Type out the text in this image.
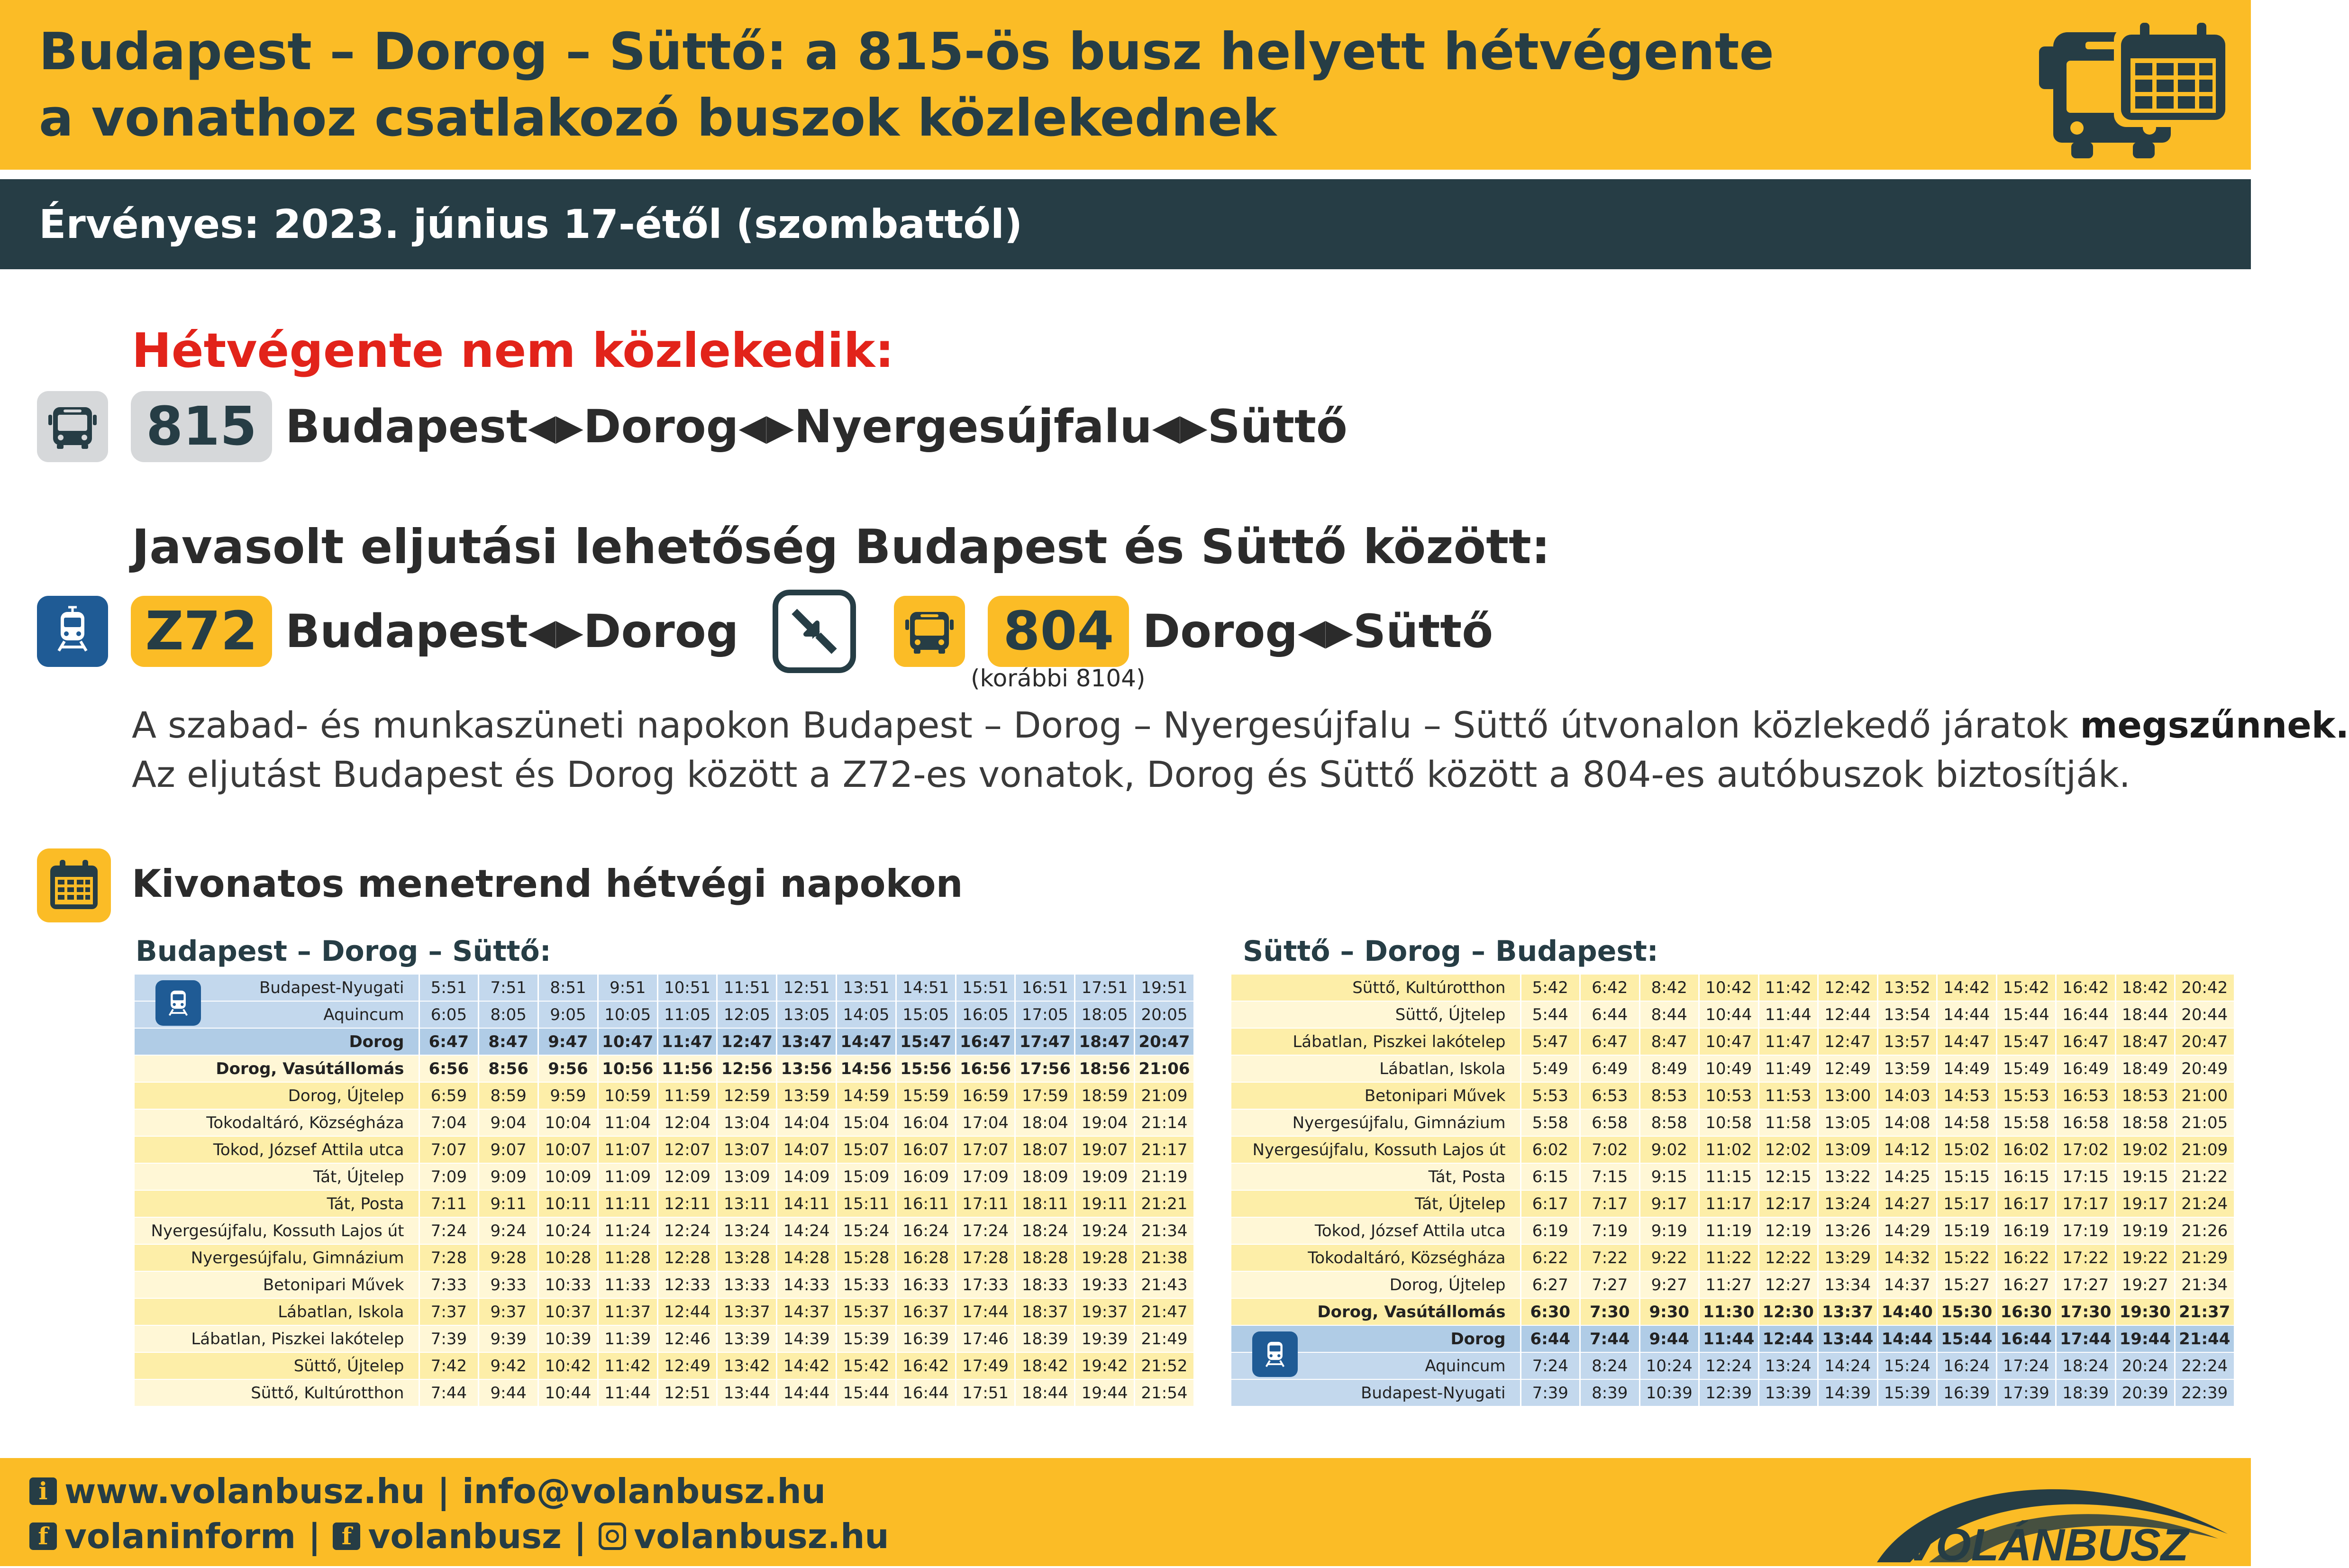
Budapest – Dorog – Süttő: a 815-ös busz helyett hétvégente
a vonathoz csatlakozó buszok közlekednek
Érvényes: 2023. június 17-étől (szombattól)
Hétvégente nem közlekedik:
815 Budapest ◀▶ Dorog ◀▶ Nyergesújfalu ◀▶ Süttő
Javasolt eljutási lehetőség Budapest és Süttő között:
Z72 Budapest ◀▶ Dorog	804 Dorog ◀▶ Süttő
(korábbi 8104)
A szabad- és munkaszüneti napokon Budapest – Dorog – Nyergesújfalu – Süttő útvonalon közlekedő járatok megszűnnek.
Az eljutást Budapest és Dorog között a Z72-es vonatok, Dorog és Süttő között a 804-es autóbuszok biztosítják.
Kivonatos menetrend hétvégi napokon
Budapest – Dorog – Süttő:
Budapest-Nyugati	5:51	7:51	8:51	9:51	10:51	11:51	12:51	13:51	14:51	15:51	16:51	17:51	19:51

Aquincum	6:05	8:05	9:05	10:05	11:05	12:05	13:05	14:05	15:05	16:05	17:05	18:05	20:05
Dorog	6:47	8:47	9:47	10:47	11:47	12:47	13:47	14:47	15:47	16:47	17:47	18:47	20:47
Dorog, Vasútállomás	6:56	8:56	9:56	10:56	11:56	12:56	13:56	14:56	15:56	16:56	17:56	18:56	21:06
Dorog, Újtelep	6:59	8:59	9:59	10:59	11:59	12:59	13:59	14:59	15:59	16:59	17:59	18:59	21:09
Tokodaltáró, Községháza	7:04	9:04	10:04	11:04	12:04	13:04	14:04	15:04	16:04	17:04	18:04	19:04	21:14
Tokod, József Attila utca	7:07	9:07	10:07	11:07	12:07	13:07	14:07	15:07	16:07	17:07	18:07	19:07	21:17
Tát, Újtelep	7:09	9:09	10:09	11:09	12:09	13:09	14:09	15:09	16:09	17:09	18:09	19:09	21:19
Tát, Posta	7:11	9:11	10:11	11:11	12:11	13:11	14:11	15:11	16:11	17:11	18:11	19:11	21:21
Nyergesújfalu, Kossuth Lajos út	7:24	9:24	10:24	11:24	12:24	13:24	14:24	15:24	16:24	17:24	18:24	19:24	21:34
Nyergesújfalu, Gimnázium	7:28	9:28	10:28	11:28	12:28	13:28	14:28	15:28	16:28	17:28	18:28	19:28	21:38
Betonipari Művek	7:33	9:33	10:33	11:33	12:33	13:33	14:33	15:33	16:33	17:33	18:33	19:33	21:43
Lábatlan, Iskola	7:37	9:37	10:37	11:37	12:44	13:37	14:37	15:37	16:37	17:44	18:37	19:37	21:47
Lábatlan, Piszkei lakótelep	7:39	9:39	10:39	11:39	12:46	13:39	14:39	15:39	16:39	17:46	18:39	19:39	21:49
Süttő, Újtelep	7:42	9:42	10:42	11:42	12:49	13:42	14:42	15:42	16:42	17:49	18:42	19:42	21:52
Süttő, Kultúrotthon	7:44	9:44	10:44	11:44	12:51	13:44	14:44	15:44	16:44	17:51	18:44	19:44	21:54
Süttő – Dorog – Budapest:
Süttő, Kultúrotthon	5:42	6:42	8:42	10:42	11:42	12:42	13:52	14:42	15:42	16:42	18:42	20:42
Süttő, Újtelep	5:44	6:44	8:44	10:44	11:44	12:44	13:54	14:44	15:44	16:44	18:44	20:44
Lábatlan, Piszkei lakótelep	5:47	6:47	8:47	10:47	11:47	12:47	13:57	14:47	15:47	16:47	18:47	20:47
Lábatlan, Iskola	5:49	6:49	8:49	10:49	11:49	12:49	13:59	14:49	15:49	16:49	18:49	20:49
Betonipari Művek	5:53	6:53	8:53	10:53	11:53	13:00	14:03	14:53	15:53	16:53	18:53	21:00
Nyergesújfalu, Gimnázium	5:58	6:58	8:58	10:58	11:58	13:05	14:08	14:58	15:58	16:58	18:58	21:05
Nyergesújfalu, Kossuth Lajos út	6:02	7:02	9:02	11:02	12:02	13:09	14:12	15:02	16:02	17:02	19:02	21:09
Tát, Posta	6:15	7:15	9:15	11:15	12:15	13:22	14:25	15:15	16:15	17:15	19:15	21:22
Tát, Újtelep	6:17	7:17	9:17	11:17	12:17	13:24	14:27	15:17	16:17	17:17	19:17	21:24
Tokod, József Attila utca	6:19	7:19	9:19	11:19	12:19	13:26	14:29	15:19	16:19	17:19	19:19	21:26
Tokodaltáró, Községháza	6:22	7:22	9:22	11:22	12:22	13:29	14:32	15:22	16:22	17:22	19:22	21:29
Dorog, Újtelep	6:27	7:27	9:27	11:27	12:27	13:34	14:37	15:27	16:27	17:27	19:27	21:34
Dorog, Vasútállomás	6:30	7:30	9:30	11:30	12:30	13:37	14:40	15:30	16:30	17:30	19:30	21:37
Dorog	6:44	7:44	9:44	11:44	12:44	13:44	14:44	15:44	16:44	17:44	19:44	21:44

Aquincum	7:24	8:24	10:24	12:24	13:24	14:24	15:24	16:24	17:24	18:24	20:24	22:24
Budapest-Nyugati	7:39	8:39	10:39	12:39	13:39	14:39	15:39	16:39	17:39	18:39	20:39	22:39
i www.volanbusz.hu | info@volanbusz.hu
f volaninform | f volanbusz | volanbusz.hu	VOLÁNBUSZ
